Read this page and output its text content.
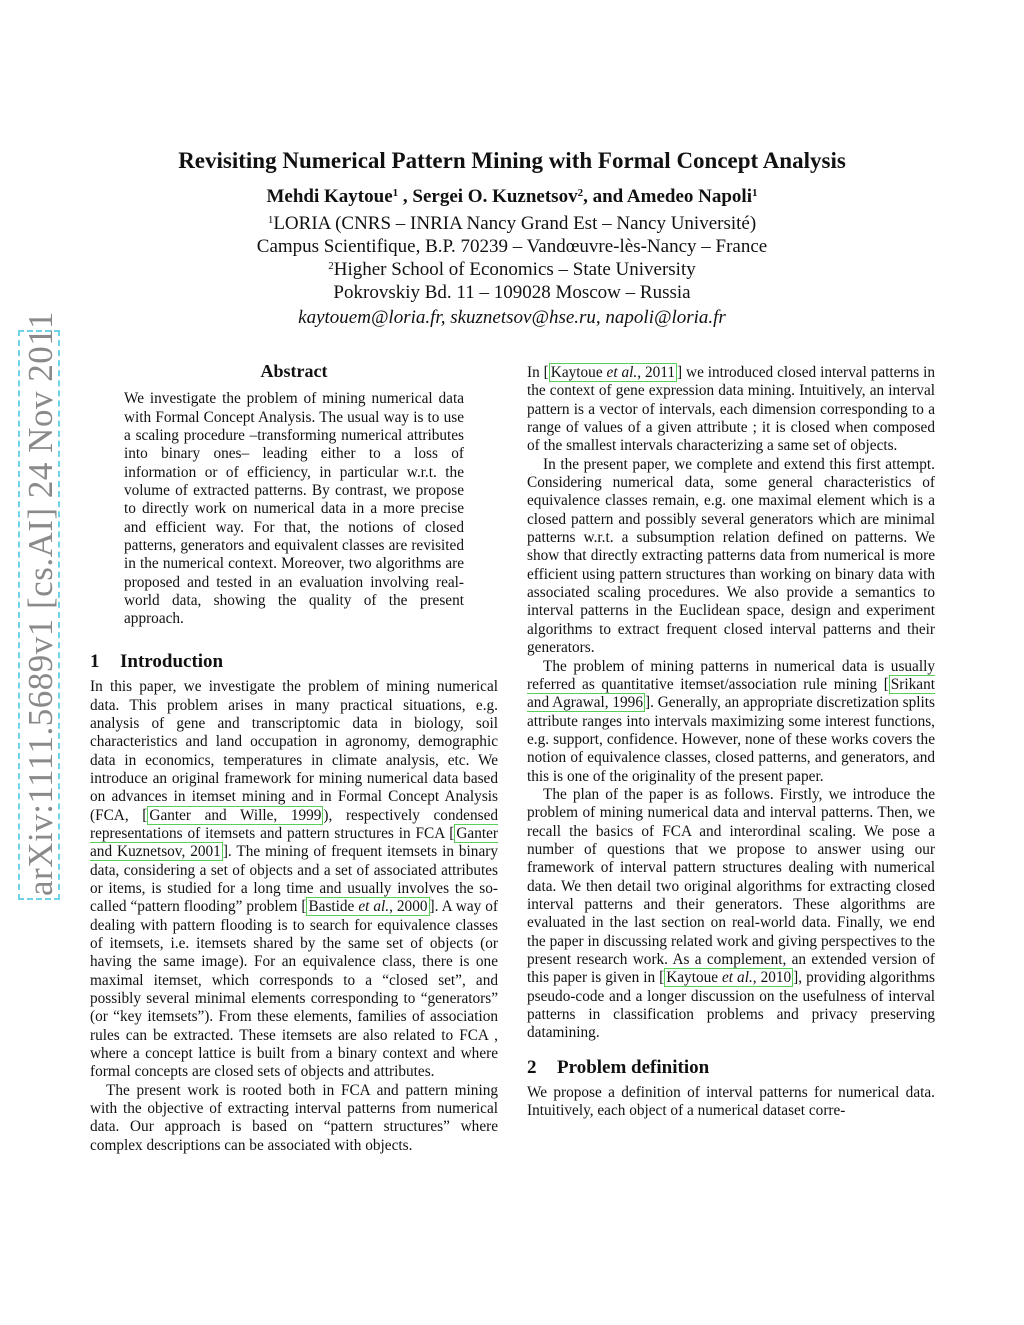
arXiv:1111.5689v1 [cs.AI] 24 Nov 2011
Revisiting Numerical Pattern Mining with Formal Concept Analysis
Mehdi Kaytoue$^1$ , Sergei O. Kuznetsov$^2$, and Amedeo Napoli$^1$
$^1$LORIA (CNRS – INRIA Nancy Grand Est – Nancy Université)
Campus Scientifique, B.P. 70239 – Vandœuvre-lès-Nancy – France
$^2$Higher School of Economics – State University
Pokrovskiy Bd. 11 – 109028 Moscow – Russia
kaytouem@loria.fr, skuznetsov@hse.ru, napoli@loria.fr
Abstract

We investigate the problem of mining numerical data with Formal Concept Analysis. The usual way is to use a scaling procedure –transforming numerical attributes into binary ones– leading either to a loss of information or of efficiency, in particular w.r.t. the volume of extracted patterns. By contrast, we propose to directly work on numerical data in a more precise and efficient way. For that, the notions of closed patterns, generators and equivalent classes are revisited in the numerical context. Moreover, two algorithms are proposed and tested in an evaluation involving real-world data, showing the quality of the present approach.

1 Introduction

In this paper, we investigate the problem of mining numerical data. This problem arises in many practical situations, e.g. analysis of gene and transcriptomic data in biology, soil characteristics and land occupation in agronomy, demographic data in economics, temperatures in climate analysis, etc. We introduce an original framework for mining numerical data based on advances in itemset mining and in Formal Concept Analysis (FCA, [ Ganter and Wille, 1999 ), respectively condensed representations of itemsets and pattern structures in FCA [ Ganter and Kuznetsov, 2001 ]. The mining of frequent itemsets in binary data, considering a set of objects and a set of associated attributes or items, is studied for a long time and usually involves the so-called “pattern flooding” problem [ Bastide et al., 2000 ]. A way of dealing with pattern flooding is to search for equivalence classes of itemsets, i.e. itemsets shared by the same set of objects (or having the same image). For an equivalence class, there is one maximal itemset, which corresponds to a “closed set”, and possibly several minimal elements corresponding to “generators” (or “key itemsets”). From these elements, families of association rules can be extracted. These itemsets are also related to FCA , where a concept lattice is built from a binary context and where formal concepts are closed sets of objects and attributes.

The present work is rooted both in FCA and pattern mining with the objective of extracting interval patterns from numerical data. Our approach is based on “pattern structures” where complex descriptions can be associated with objects.

In [ Kaytoue et al., 2011 ] we introduced closed interval patterns in the context of gene expression data mining. Intuitively, an interval pattern is a vector of intervals, each dimension corresponding to a range of values of a given attribute ; it is closed when composed of the smallest intervals characterizing a same set of objects.

In the present paper, we complete and extend this first attempt. Considering numerical data, some general characteristics of equivalence classes remain, e.g. one maximal element which is a closed pattern and possibly several generators which are minimal patterns w.r.t. a subsumption relation defined on patterns. We show that directly extracting patterns data from numerical is more efficient using pattern structures than working on binary data with associated scaling procedures. We also provide a semantics to interval patterns in the Euclidean space, design and experiment algorithms to extract frequent closed interval patterns and their generators.

The problem of mining patterns in numerical data is usually referred as quantitative itemset/association rule mining [ Srikant and Agrawal, 1996 ]. Generally, an appropriate discretization splits attribute ranges into intervals maximizing some interest functions, e.g. support, confidence. However, none of these works covers the notion of equivalence classes, closed patterns, and generators, and this is one of the originality of the present paper.

The plan of the paper is as follows. Firstly, we introduce the problem of mining numerical data and interval patterns. Then, we recall the basics of FCA and interordinal scaling. We pose a number of questions that we propose to answer using our framework of interval pattern structures dealing with numerical data. We then detail two original algorithms for extracting closed interval patterns and their generators. These algorithms are evaluated in the last section on real-world data. Finally, we end the paper in discussing related work and giving perspectives to the present research work. As a complement, an extended version of this paper is given in [ Kaytoue et al., 2010 ], providing algorithms pseudo-code and a longer discussion on the usefulness of interval patterns in classification problems and privacy preserving datamining.

2 Problem definition

We propose a definition of interval patterns for numerical data. Intuitively, each object of a numerical dataset corre-
